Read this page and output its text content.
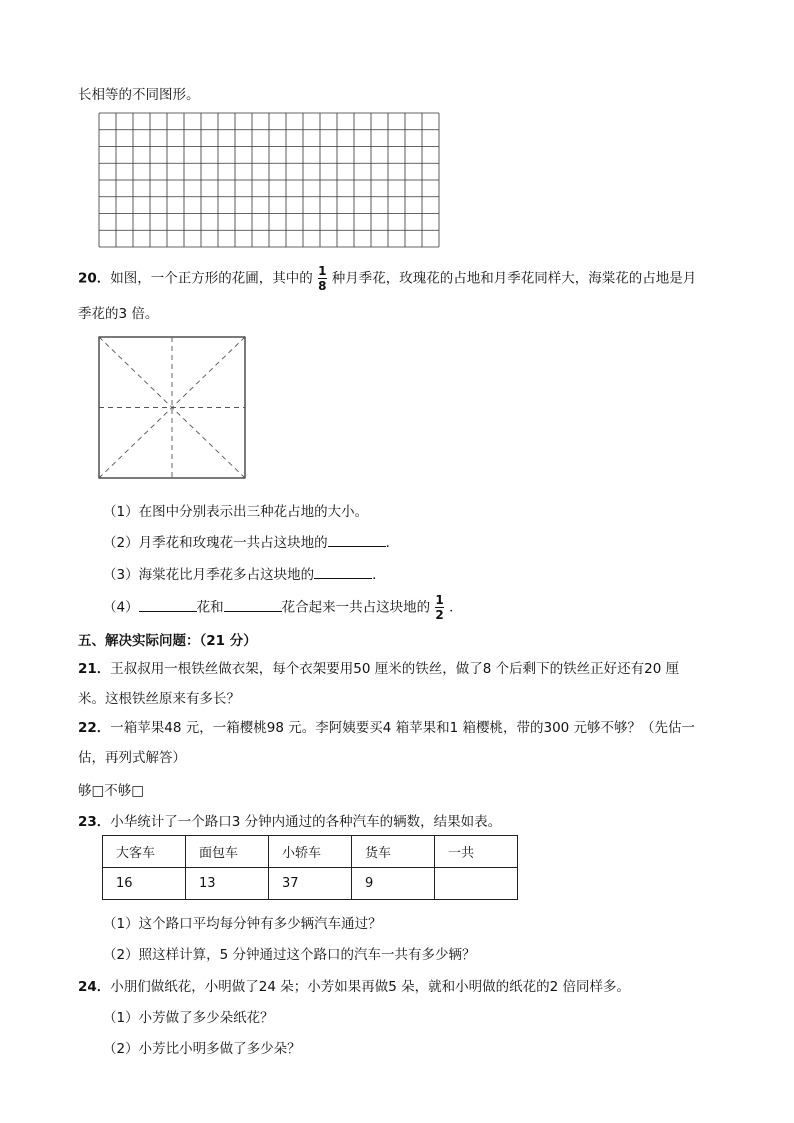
长相等的不同图形。
20．如图，一个正方形的花圃，其中的 $\frac{1}{8}$ 种月季花，玫瑰花的占地和月季花同样大，海棠花的占地是月
季花的3 倍。
（1）在图中分别表示出三种花占地的大小。
（2）月季花和玫瑰花一共占这块地的	．
（3）海棠花比月季花多占这块地的	．
（4）	花和	花合起来一共占这块地的 $\frac{1}{2}$ ．
五、解决实际问题：（21 分）
21．王叔叔用一根铁丝做衣架，每个衣架要用50 厘米的铁丝，做了8 个后剩下的铁丝正好还有20 厘
米。这根铁丝原来有多长？
22．一箱苹果48 元，一箱樱桃98 元。李阿姨要买4 箱苹果和1 箱樱桃，带的300 元够不够？（先估一
估，再列式解答）
够□不够□
23．小华统计了一个路口3 分钟内通过的各种汽车的辆数，结果如表。
大客车	面包车	小轿车	货车	一共
16	13	37	9	
（1）这个路口平均每分钟有多少辆汽车通过？
（2）照这样计算，5 分钟通过这个路口的汽车一共有多少辆？
24．小朋们做纸花，小明做了24 朵；小芳如果再做5 朵，就和小明做的纸花的2 倍同样多。
（1）小芳做了多少朵纸花？
（2）小芳比小明多做了多少朵？
